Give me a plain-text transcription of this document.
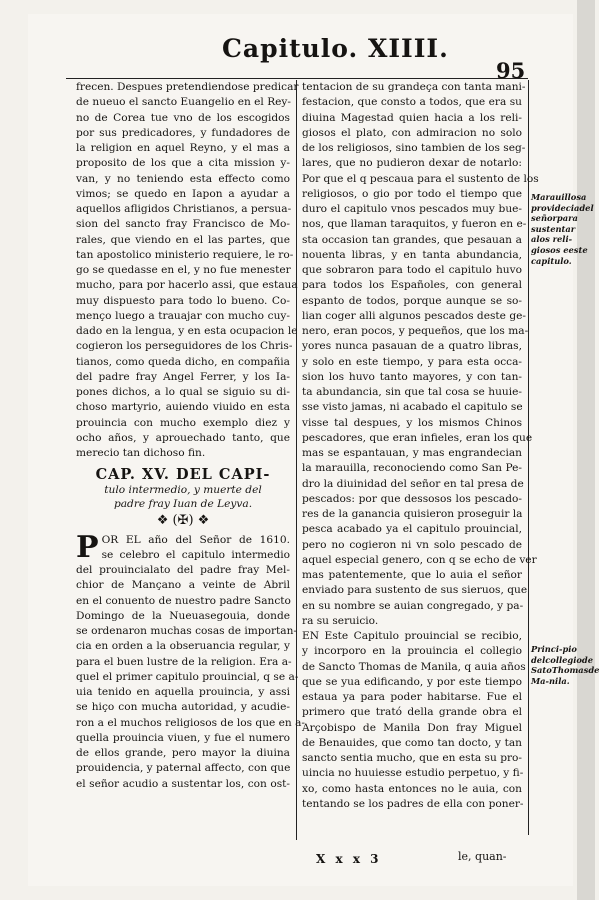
Capitulo. XIIII.
95
frecen. Despues pretendiendose predicar
de nueuo el sancto Euangelio en el Rey-
no de Corea tue vno de los escogidos
por sus predicadores, y fundadores de
la religion en aquel Reyno, y el mas a
proposito de los que a cita mission y-
van, y no teniendo esta effecto como
vimos; se quedo en Iapon a ayudar a
aquellos afligidos Christianos, a persua-
sion del sancto fray Francisco de Mo-
rales, que viendo en el las partes, que
tan apostolico ministerio requiere, le ro-
go se quedasse en el, y no fue menester
mucho, para por hacerlo assi, que estaua
muy dispuesto para todo lo bueno. Co-
menço luego a trauajar con mucho cuy-
dado en la lengua, y en esta ocupacion le
cogieron los perseguidores de los Chris-
tianos, como queda dicho, en compañia
del padre fray Angel Ferrer, y los Ia-
pones dichos, a lo qual se siguio su di-
choso martyrio, auiendo viuido en esta
prouincia con mucho exemplo diez y
ocho años, y aprouechado tanto, que
merecio tan dichoso fin.
CAP. XV. DEL CAPI-
tulo intermedio, y muerte del
padre fray Iuan de Leyva.
❖ (✠) ❖
P OR EL año del Señor de 1610.
se celebro el capitulo intermedio
del prouincialato del padre fray Mel-
chior de Mançano a veinte de Abril
en el conuento de nuestro padre Sancto
Domingo de la Nueuasegouia, donde
se ordenaron muchas cosas de importan-
cia en orden a la obseruancia regular, y
para el buen lustre de la religion. Era a-
quel el primer capitulo prouincial, q se a-
uia tenido en aquella prouincia, y assi
se hiço con mucha autoridad, y acudie-
ron a el muchos religiosos de los que en a-
quella prouincia viuen, y fue el numero
de ellos grande, pero mayor la diuina
prouidencia, y paternal affecto, con que
el señor acudio a sustentar los, con ost-
tentacion de su grandeça con tanta mani-
festacion, que consto a todos, que era su
diuina Magestad quien hacia a los reli-
giosos el plato, con admiracion no solo
de los religiosos, sino tambien de los seg-
lares, que no pudieron dexar de notarlo:
Por que el q pescaua para el sustento de los
religiosos, o gio por todo el tiempo que
duro el capitulo vnos pescados muy bue-
nos, que llaman taraquitos, y fueron en e-
sta occasion tan grandes, que pesauan a
nouenta libras, y en tanta abundancia,
que sobraron para todo el capitulo huvo
para todos los Españoles, con general
espanto de todos, porque aunque se so-
lian coger alli algunos pescados deste ge-
nero, eran pocos, y pequeños, que los ma-
yores nunca pasauan de a quatro libras,
y solo en este tiempo, y para esta occa-
sion los huvo tanto mayores, y con tan-
ta abundancia, sin que tal cosa se huuie-
sse visto jamas, ni acabado el capitulo se
visse tal despues, y los mismos Chinos
pescadores, que eran infieles, eran los que
mas se espantauan, y mas engrandecian
la marauilla, reconociendo como San Pe-
dro la diuinidad del señor en tal presa de
pescados: por que dessosos los pescado-
res de la ganancia quisieron proseguir la
pesca acabado ya el capitulo prouincial,
pero no cogieron ni vn solo pescado de
aquel especial genero, con q se echo de ver
mas patentemente, que lo auia el señor
enviado para sustento de sus sieruos, que
en su nombre se auian congregado, y pa-
ra su seruicio.
EN Este Capitulo prouincial se recibio,
y incorporo en la prouincia el collegio
de Sancto Thomas de Manila, q auia años
que se yua edificando, y por este tiempo
estaua ya para poder habitarse. Fue el
primero que trató della grande obra el
Arçobispo de Manila Don fray Miguel
de Benauides, que como tan docto, y tan
sancto sentia mucho, que en esta su pro-
uincia no huuiesse estudio perpetuo, y fi-
xo, como hasta entonces no le auia, con
tentando se los padres de ella con poner-
Marauillosa provideciadel señorpara sustentar alos reli-giosos eeste capitulo.
Princi-pio delcollegiode SatoThomasde Ma-nila.
X x x 3	le, quan-
